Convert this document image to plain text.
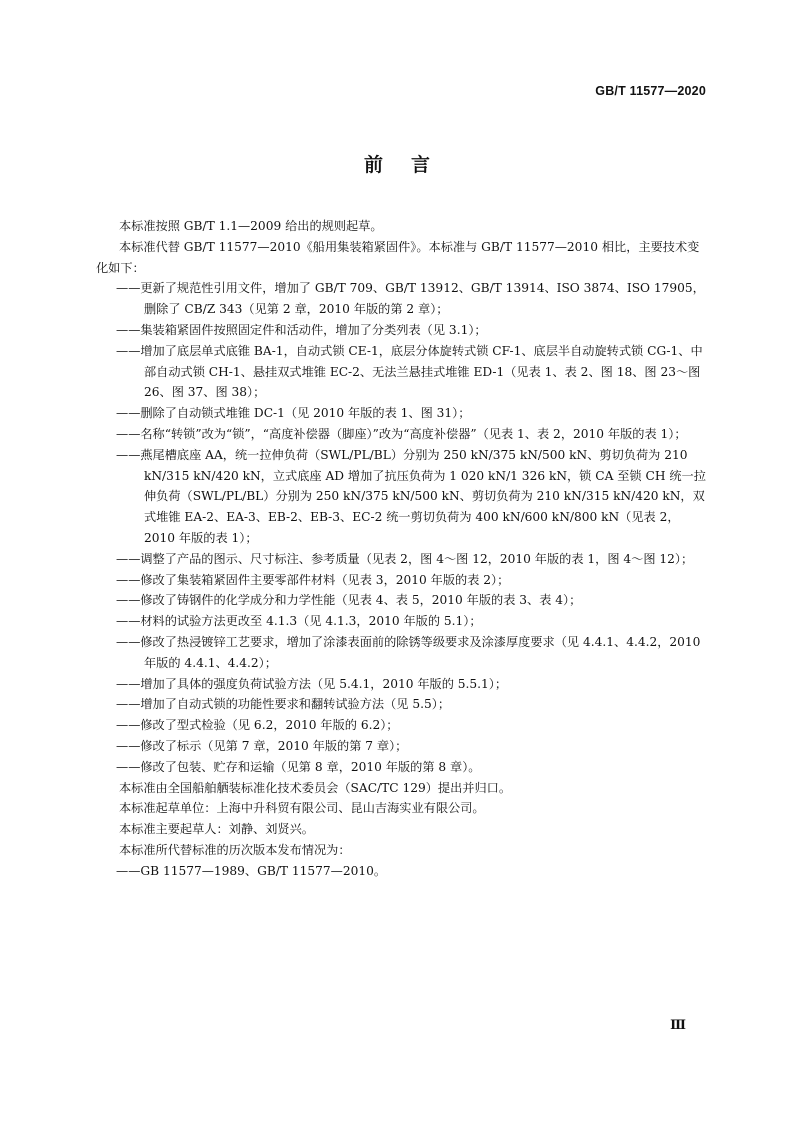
GB/T 11577—2020
前言

本标准按照 GB/T 1.1—2009 给出的规则起草。

本标准代替 GB/T 11577—2010《船用集装箱紧固件》。本标准与 GB/T 11577—2010 相比，主要技术变化如下：

——更新了规范性引用文件，增加了 GB/T 709、GB/T 13912、GB/T 13914、ISO 3874、ISO 17905，删除了 CB/Z 343（见第 2 章，2010 年版的第 2 章）；

——集装箱紧固件按照固定件和活动件，增加了分类列表（见 3.1）；

——增加了底层单式底锥 BA-1，自动式锁 CE-1，底层分体旋转式锁 CF-1、底层半自动旋转式锁 CG-1、中部自动式锁 CH-1、悬挂双式堆锥 EC-2、无法兰悬挂式堆锥 ED-1（见表 1、表 2、图 18、图 23～图 26、图 37、图 38）；

——删除了自动锁式堆锥 DC-1（见 2010 年版的表 1、图 31）；

——名称“转锁”改为“锁”，“高度补偿器（脚座）”改为“高度补偿器”（见表 1、表 2，2010 年版的表 1）；

——燕尾槽底座 AA，统一拉伸负荷（SWL/PL/BL）分别为 250 kN/375 kN/500 kN、剪切负荷为 210 kN/315 kN/420 kN，立式底座 AD 增加了抗压负荷为 1 020 kN/1 326 kN，锁 CA 至锁 CH 统一拉伸负荷（SWL/PL/BL）分别为 250 kN/375 kN/500 kN、剪切负荷为 210 kN/315 kN/420 kN，双式堆锥 EA-2、EA-3、EB-2、EB-3、EC-2 统一剪切负荷为 400 kN/600 kN/800 kN（见表 2，2010 年版的表 1）；

——调整了产品的图示、尺寸标注、参考质量（见表 2，图 4～图 12，2010 年版的表 1，图 4～图 12）；

——修改了集装箱紧固件主要零部件材料（见表 3，2010 年版的表 2）；

——修改了铸钢件的化学成分和力学性能（见表 4、表 5，2010 年版的表 3、表 4）；

——材料的试验方法更改至 4.1.3（见 4.1.3，2010 年版的 5.1）；

——修改了热浸镀锌工艺要求，增加了涂漆表面前的除锈等级要求及涂漆厚度要求（见 4.4.1、4.4.2，2010 年版的 4.4.1、4.4.2）；

——增加了具体的强度负荷试验方法（见 5.4.1，2010 年版的 5.5.1）；

——增加了自动式锁的功能性要求和翻转试验方法（见 5.5）；

——修改了型式检验（见 6.2，2010 年版的 6.2）；

——修改了标示（见第 7 章，2010 年版的第 7 章）；

——修改了包装、贮存和运输（见第 8 章，2010 年版的第 8 章）。

本标准由全国船舶舾装标准化技术委员会（SAC/TC 129）提出并归口。

本标准起草单位：上海中升科贸有限公司、昆山吉海实业有限公司。

本标准主要起草人：刘静、刘贤兴。

本标准所代替标准的历次版本发布情况为：

——GB 11577—1989、GB/T 11577—2010。

Ⅲ
